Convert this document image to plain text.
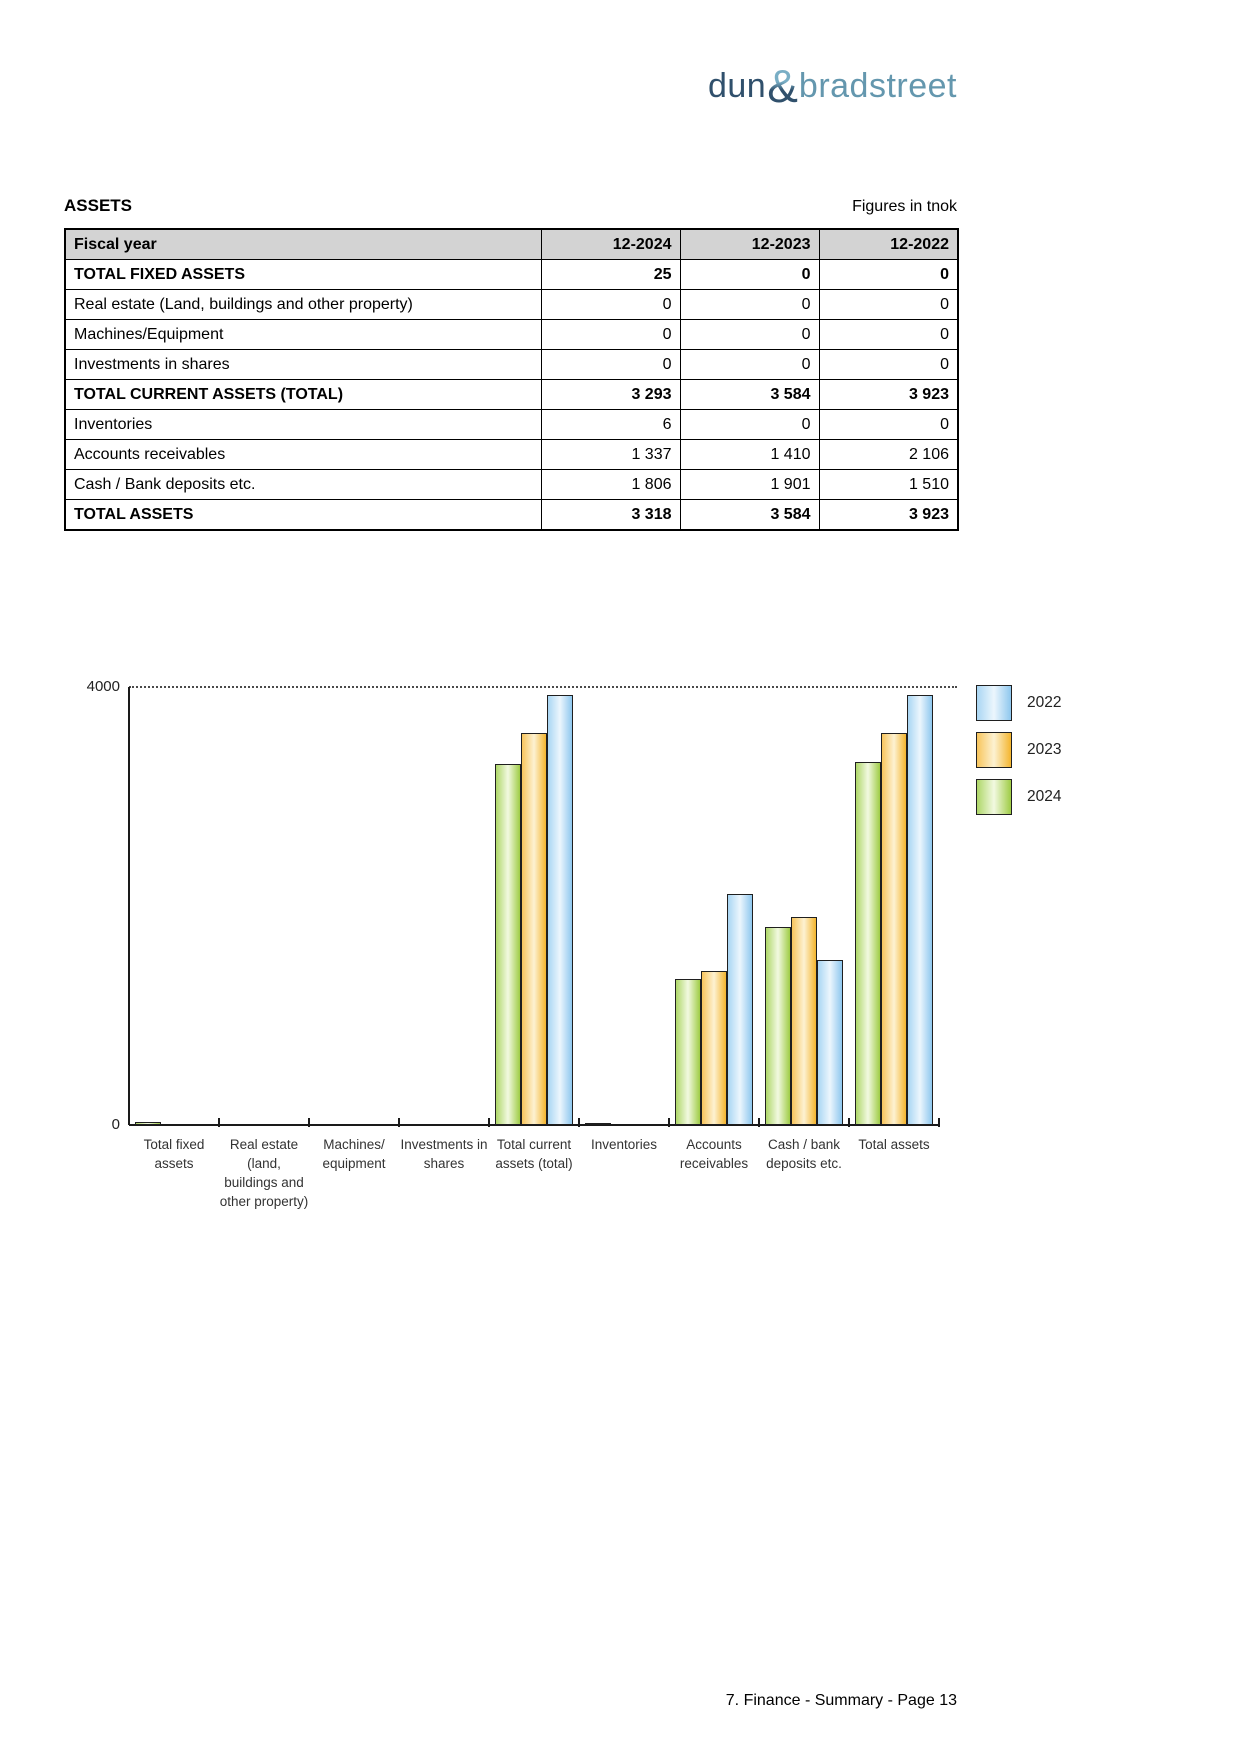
dun&bradstreet
ASSETS	Figures in tnok
Fiscal year	12-2024	12-2023	12-2022
TOTAL FIXED ASSETS	25	0	0
Real estate (Land, buildings and other property)	0	0	0
Machines/Equipment	0	0	0
Investments in shares	0	0	0
TOTAL CURRENT ASSETS (TOTAL)	3 293	3 584	3 923
Inventories	6	0	0
Accounts receivables	1 337	1 410	2 106
Cash / Bank deposits etc.	1 806	1 901	1 510
TOTAL ASSETS	3 318	3 584	3 923
4000
0
Total fixed
assets
Real estate
(land,
buildings and
other property)
Machines/
equipment
Investments in
shares
Total current
assets (total)
Inventories	Accounts
receivables
Cash / bank
deposits etc.
Total assets
2022
2023
2024
7. Finance - Summary - Page 13
